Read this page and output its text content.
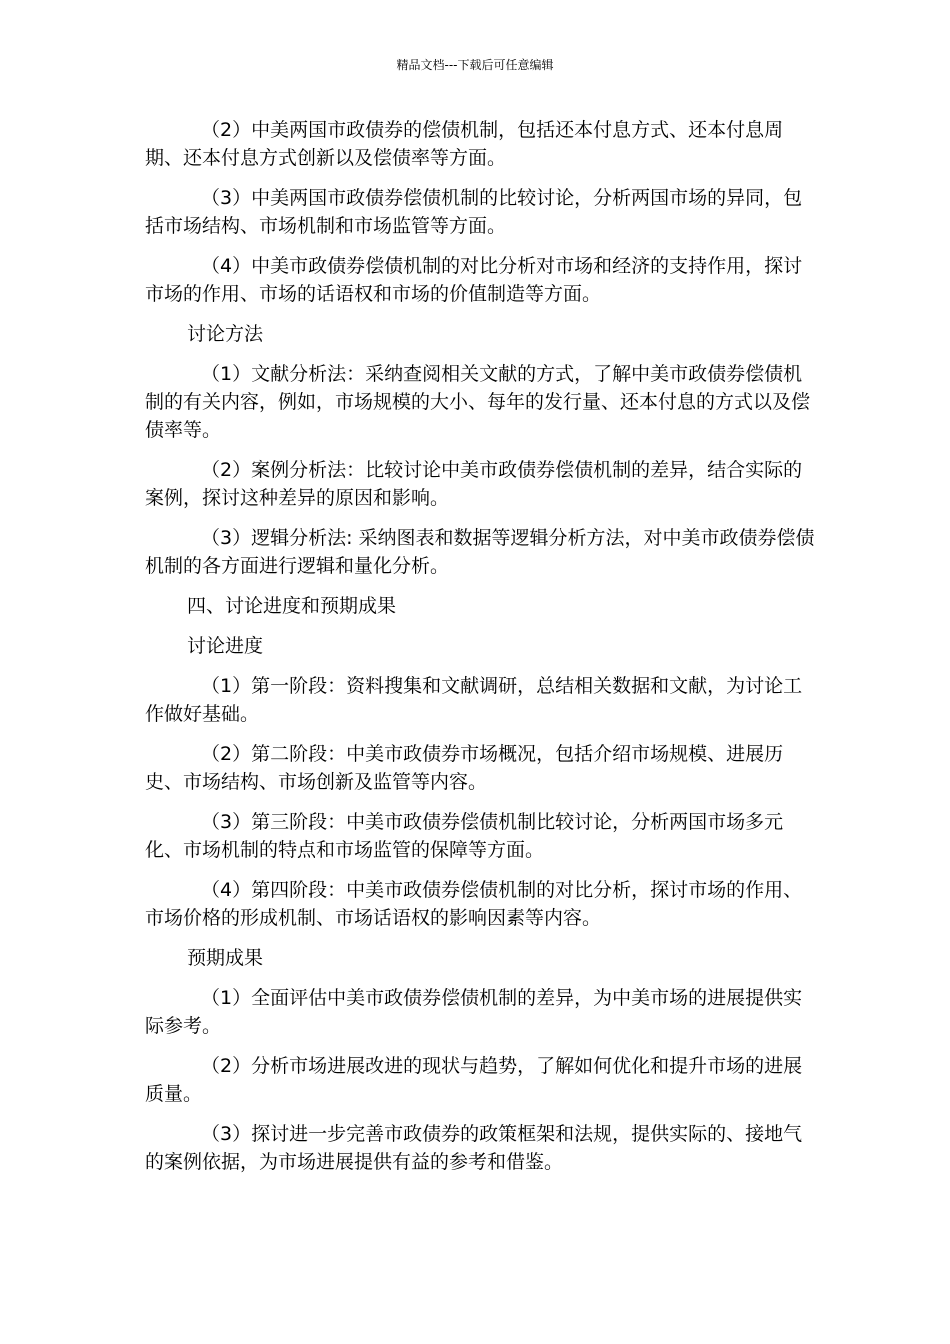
精品文档---下载后可任意编辑

（2）中美两国市政债券的偿债机制，包括还本付息方式、还本付息周期、还本付息方式创新以及偿债率等方面。

（3）中美两国市政债券偿债机制的比较讨论，分析两国市场的异同，包括市场结构、市场机制和市场监管等方面。

（4）中美市政债券偿债机制的对比分析对市场和经济的支持作用，探讨市场的作用、市场的话语权和市场的价值制造等方面。

讨论方法

（1）文献分析法：采纳查阅相关文献的方式，了解中美市政债券偿债机制的有关内容，例如，市场规模的大小、每年的发行量、还本付息的方式以及偿债率等。

（2）案例分析法：比较讨论中美市政债券偿债机制的差异，结合实际的案例，探讨这种差异的原因和影响。

（3）逻辑分析法: 采纳图表和数据等逻辑分析方法，对中美市政债券偿债机制的各方面进行逻辑和量化分析。

四、讨论进度和预期成果

讨论进度

（1）第一阶段：资料搜集和文献调研，总结相关数据和文献，为讨论工作做好基础。

（2）第二阶段：中美市政债券市场概况，包括介绍市场规模、进展历史、市场结构、市场创新及监管等内容。

（3）第三阶段：中美市政债券偿债机制比较讨论，分析两国市场多元化、市场机制的特点和市场监管的保障等方面。

（4）第四阶段：中美市政债券偿债机制的对比分析，探讨市场的作用、市场价格的形成机制、市场话语权的影响因素等内容。

预期成果

（1）全面评估中美市政债券偿债机制的差异，为中美市场的进展提供实际参考。

（2）分析市场进展改进的现状与趋势，了解如何优化和提升市场的进展质量。

（3）探讨进一步完善市政债券的政策框架和法规，提供实际的、接地气的案例依据，为市场进展提供有益的参考和借鉴。
